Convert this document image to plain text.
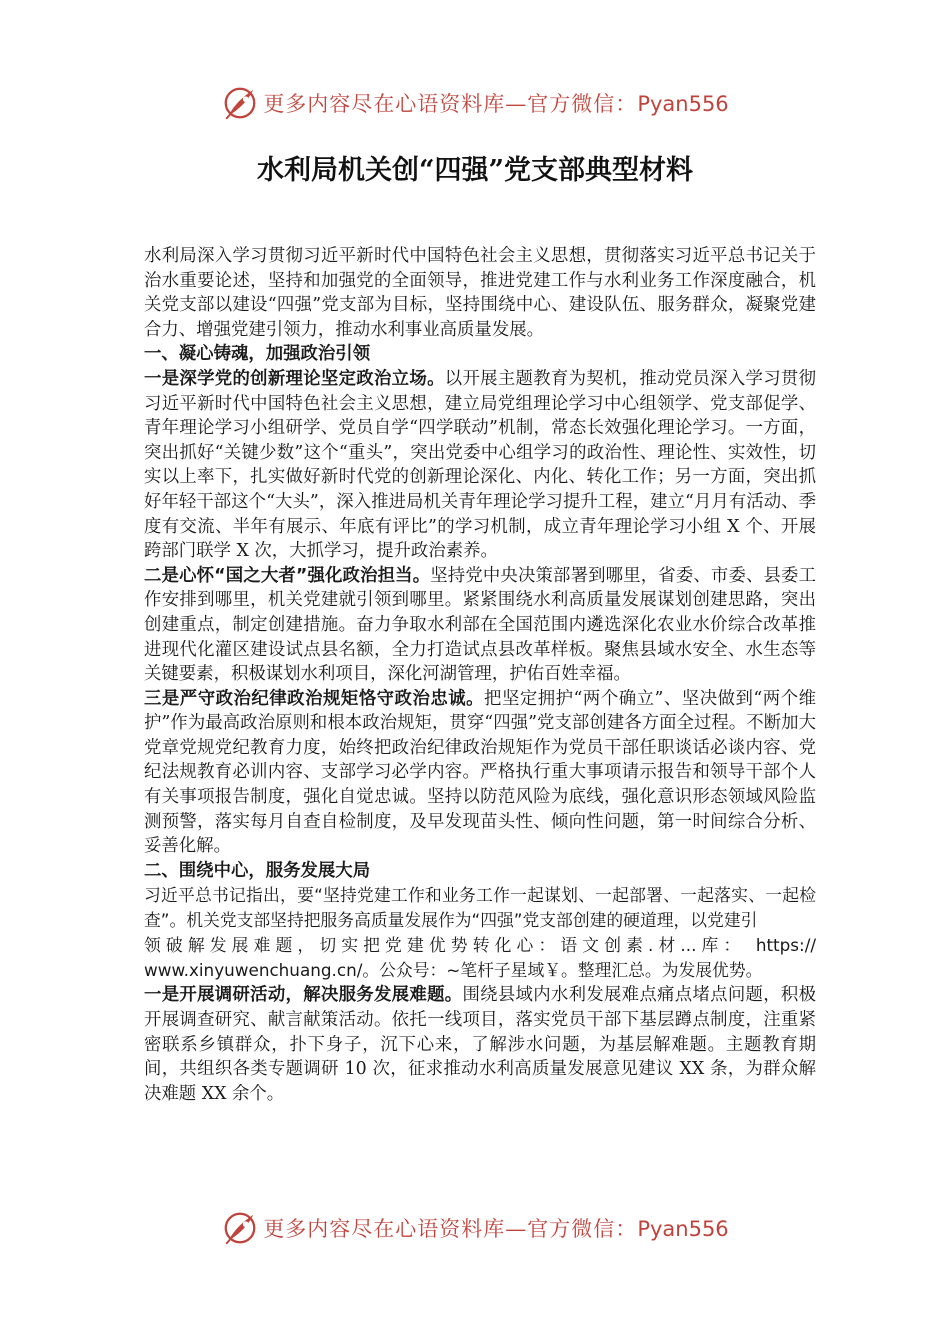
更多内容尽在心语资料库—官方微信：Pyan556
水利局机关创“四强”党支部典型材料

水利局深入学习贯彻习近平新时代中国特色社会主义思想，贯彻落实习近平总书记关于治水重要论述，坚持和加强党的全面领导，推进党建工作与水利业务工作深度融合，机关党支部以建设“四强”党支部为目标，坚持围绕中心、建设队伍、服务群众，凝聚党建合力、增强党建引领力，推动水利事业高质量发展。

一、凝心铸魂，加强政治引领

一是深学党的创新理论坚定政治立场。以开展主题教育为契机，推动党员深入学习贯彻习近平新时代中国特色社会主义思想，建立局党组理论学习中心组领学、党支部促学、青年理论学习小组研学、党员自学“四学联动”机制，常态长效强化理论学习。一方面，突出抓好“关键少数”这个“重头”，突出党委中心组学习的政治性、理论性、实效性，切实以上率下，扎实做好新时代党的创新理论深化、内化、转化工作；另一方面，突出抓好年轻干部这个“大头”，深入推进局机关青年理论学习提升工程，建立“月月有活动、季度有交流、半年有展示、年底有评比”的学习机制，成立青年理论学习小组 X 个、开展跨部门联学 X 次，大抓学习，提升政治素养。

二是心怀“国之大者”强化政治担当。坚持党中央决策部署到哪里，省委、市委、县委工作安排到哪里，机关党建就引领到哪里。紧紧围绕水利高质量发展谋划创建思路，突出创建重点，制定创建措施。奋力争取水利部在全国范围内遴选深化农业水价综合改革推进现代化灌区建设试点县名额，全力打造试点县改革样板。聚焦县域水安全、水生态等关键要素，积极谋划水利项目，深化河湖管理，护佑百姓幸福。

三是严守政治纪律政治规矩恪守政治忠诚。把坚定拥护“两个确立”、坚决做到“两个维护”作为最高政治原则和根本政治规矩，贯穿“四强”党支部创建各方面全过程。不断加大党章党规党纪教育力度，始终把政治纪律政治规矩作为党员干部任职谈话必谈内容、党纪法规教育必训内容、支部学习必学内容。严格执行重大事项请示报告和领导干部个人有关事项报告制度，强化自觉忠诚。坚持以防范风险为底线，强化意识形态领域风险监测预警，落实每月自查自检制度，及早发现苗头性、倾向性问题，第一时间综合分析、妥善化解。

二、围绕中心，服务发展大局

习近平总书记指出，要“坚持党建工作和业务工作一起谋划、一起部署、一起落实、一起检查”。机关党支部坚持把服务高质量发展作为“四强”党支部创建的硬道理，以党建引

领破解发展难题，切实把党建优势转化心：语文创素.材...库： https://

www.xinyuwenchuang.cn/。公众号：~笔杆子星域￥。整理汇总。为发展优势。

一是开展调研活动，解决服务发展难题。围绕县域内水利发展难点痛点堵点问题，积极开展调查研究、献言献策活动。依托一线项目，落实党员干部下基层蹲点制度，注重紧密联系乡镇群众，扑下身子，沉下心来，了解涉水问题，为基层解难题。主题教育期间，共组织各类专题调研 10 次，征求推动水利高质量发展意见建议 XX 条，为群众解决难题 XX 余个。

更多内容尽在心语资料库—官方微信：Pyan556
